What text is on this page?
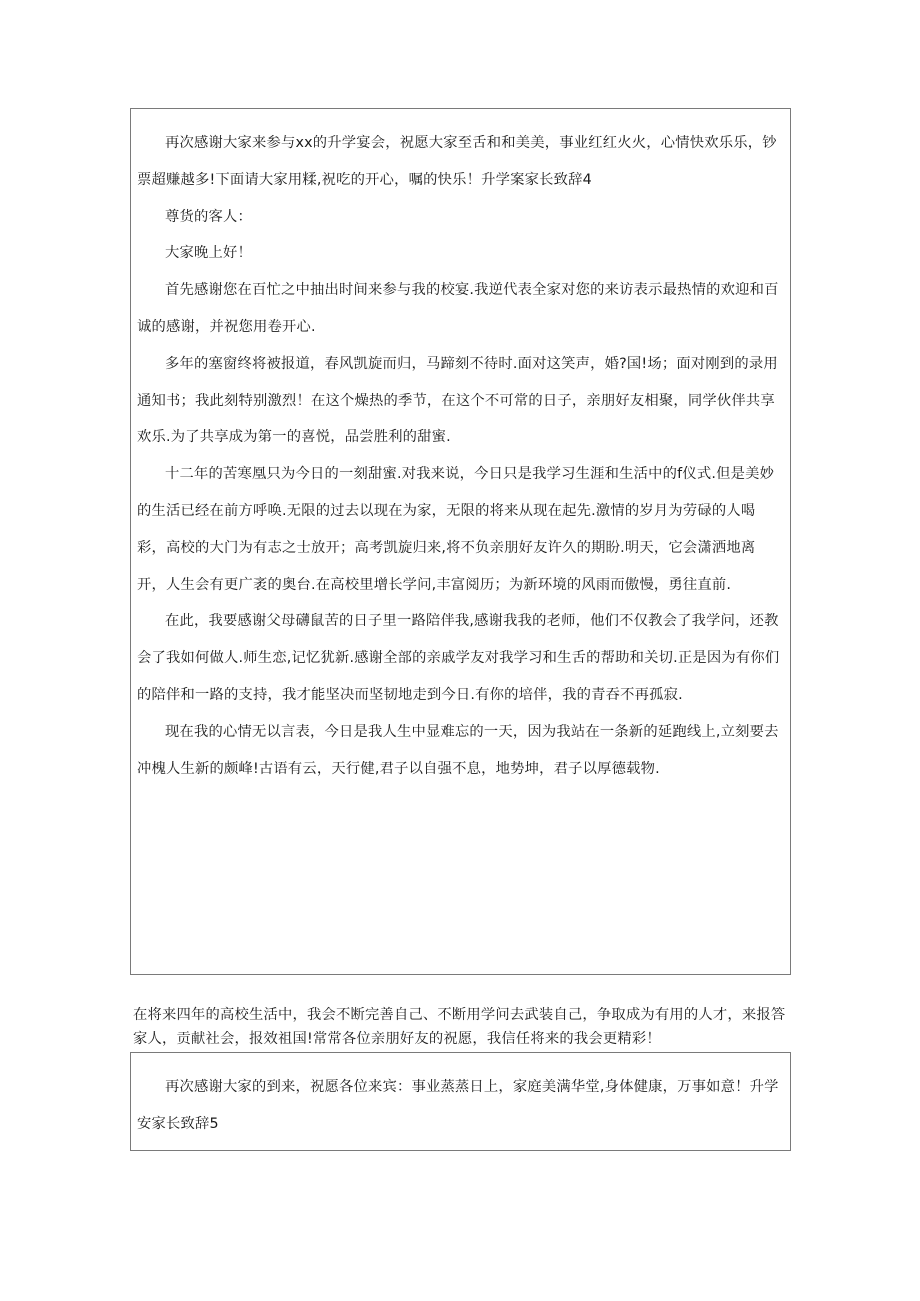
再次感谢大家来参与xx的升学宴会，祝愿大家至舌和和美美，事业红红火火，心情快欢乐乐，钞票超赚越多!下面请大家用糅,祝吃的开心，嘱的快乐！升学案家长致辞4

尊货的客人：

大家晚上好！

首先感谢您在百忙之中抽出时间来参与我的校宴.我逆代表全家对您的来访表示最热情的欢迎和百诚的感谢，并祝您用卷开心.

多年的塞窗终将被报道，春风凯旋而归，马蹄刻不待时.面对这笑声，婚?国!场；面对刚到的录用通知书；我此刻特别激烈！在这个燥热的季节，在这个不可常的日子，亲朋好友相聚，同学伙伴共享欢乐.为了共享成为第一的喜悦，品尝胜利的甜蜜.

十二年的苦寒凰只为今日的一刻甜蜜.对我来说，今日只是我学习生涯和生活中的f仪式.但是美妙的生活已经在前方呼唤.无限的过去以现在为家，无限的将来从现在起先.激情的岁月为劳碌的人喝彩，高校的大门为有志之士放开；高考凯旋归来,将不负亲朋好友许久的期盼.明天，它会潇洒地离开，人生会有更广袤的奥台.在高校里增长学问,丰富阅历；为新环境的风雨而傲慢，勇往直前.

在此，我要感谢父母礴鼠苦的日子里一路陪伴我,感谢我我的老师，他们不仅教会了我学问，还教会了我如何做人.师生恋,记忆犹新.感谢全部的亲戚学友对我学习和生舌的帮助和关切.正是因为有你们的陪伴和一路的支持，我才能坚决而坚韧地走到今日.有你的培伴，我的青吞不再孤寂.

现在我的心情无以言表，今日是我人生中显难忘的一天，因为我站在一条新的延跑线上,立刻要去冲槐人生新的颇峰!古语有云，天行健,君子以自强不息，地势坤，君子以厚德载物.

在将来四年的高校生活中，我会不断完善自己、不断用学问去武装自己，争取成为有用的人才，来报答家人，贡献社会，报效祖国!常常各位亲朋好友的祝愿，我信任将来的我会更精彩！

再次感谢大家的到来，祝愿各位来宾：事业蒸蒸日上，家庭美满华堂,身体健康，万事如意！升学安家长致辞5
